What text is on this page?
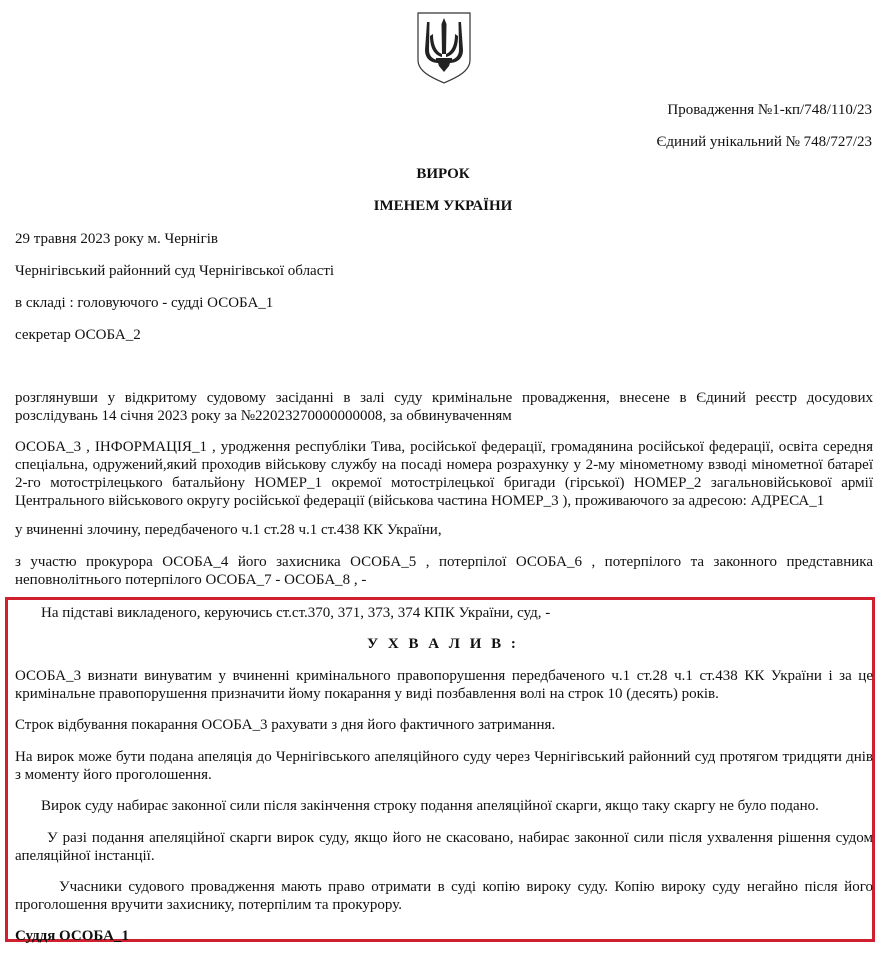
Провадження №1-кп/748/110/23
Єдиний унікальний № 748/727/23
ВИРОК
ІМЕНЕМ УКРАЇНИ
29 травня 2023 року м. Чернігів
Чернігівський районний суд Чернігівської області
в складі : головуючого - судді ОСОБА_1
секретар ОСОБА_2
розглянувши у відкритому судовому засіданні в залі суду кримінальне провадження, внесене в Єдиний реєстр досудових розслідувань 14 січня 2023 року за №22023270000000008, за обвинуваченням
ОСОБА_3 , ІНФОРМАЦІЯ_1 , уродження республіки Тива, російської федерації, громадянина російської федерації, освіта середня спеціальна, одружений,який проходив військову службу на посаді номера розрахунку у 2-му мінометному взводі мінометної батареї 2-го мотострілецького батальйону НОМЕР_1 окремої мотострілецької бригади (гірської) НОМЕР_2 загальновійськової армії Центрального військового округу російської федерації (військова частина НОМЕР_3 ), проживаючого за адресою: АДРЕСА_1
у вчиненні злочину, передбаченого ч.1 ст.28 ч.1 ст.438 КК України,
з участю прокурора ОСОБА_4 його захисника ОСОБА_5 , потерпілої ОСОБА_6 , потерпілого та законного представника неповнолітнього потерпілого ОСОБА_7 - ОСОБА_8 , -
На підставі викладеного, керуючись ст.ст.370, 371, 373, 374 КПК України, суд, -
У Х В А Л И В :
ОСОБА_3 визнати винуватим у вчиненні кримінального правопорушення передбаченого ч.1 ст.28 ч.1 ст.438 КК України і за це кримінальне правопорушення призначити йому покарання у виді позбавлення волі на строк 10 (десять) років.
Строк відбування покарання ОСОБА_3 рахувати з дня його фактичного затримання.
На вирок може бути подана апеляція до Чернігівського апеляційного суду через Чернігівський районний суд протягом тридцяти днів з моменту його проголошення.
Вирок суду набирає законної сили після закінчення строку подання апеляційної скарги, якщо таку скаргу не було подано.
У разі подання апеляційної скарги вирок суду, якщо його не скасовано, набирає законної сили після ухвалення рішення судом апеляційної інстанції.
Учасники судового провадження мають право отримати в суді копію вироку суду. Копію вироку суду негайно після його проголошення вручити захиснику, потерпілим та прокурору.
Суддя ОСОБА_1
